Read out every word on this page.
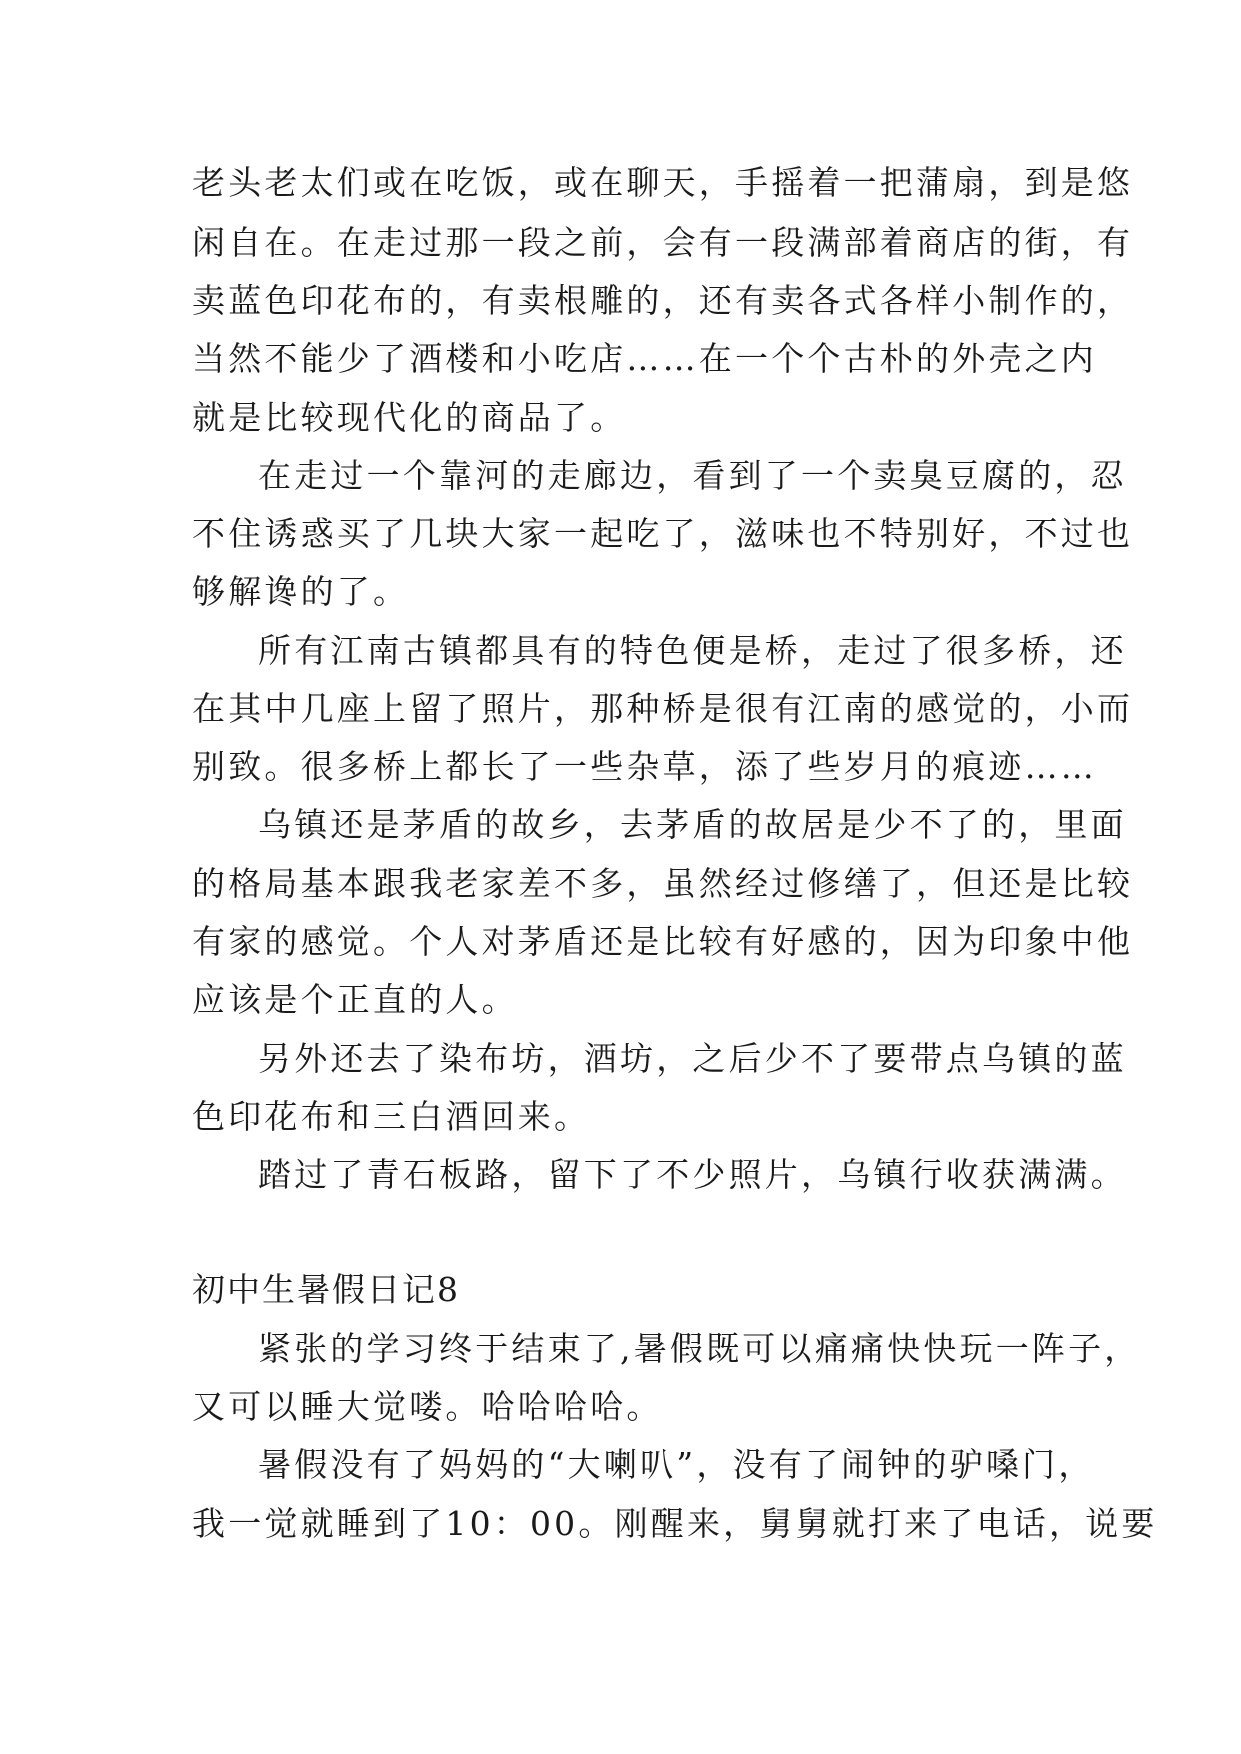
老头老太们或在吃饭，或在聊天，手摇着一把蒲扇，到是悠
闲自在。在走过那一段之前，会有一段满部着商店的街，有
卖蓝色印花布的，有卖根雕的，还有卖各式各样小制作的，
当然不能少了酒楼和小吃店……在一个个古朴的外壳之内
就是比较现代化的商品了。
在走过一个靠河的走廊边，看到了一个卖臭豆腐的，忍
不住诱惑买了几块大家一起吃了，滋味也不特别好，不过也
够解谗的了。
所有江南古镇都具有的特色便是桥，走过了很多桥，还
在其中几座上留了照片，那种桥是很有江南的感觉的，小而
别致。很多桥上都长了一些杂草，添了些岁月的痕迹……
乌镇还是茅盾的故乡，去茅盾的故居是少不了的，里面
的格局基本跟我老家差不多，虽然经过修缮了，但还是比较
有家的感觉。个人对茅盾还是比较有好感的，因为印象中他
应该是个正直的人。
另外还去了染布坊，酒坊，之后少不了要带点乌镇的蓝
色印花布和三白酒回来。
踏过了青石板路，留下了不少照片，乌镇行收获满满。
初中生暑假日记8
紧张的学习终于结束了,暑假既可以痛痛快快玩一阵子，
又可以睡大觉喽。哈哈哈哈。
暑假没有了妈妈的“大喇叭”，没有了闹钟的驴嗓门，
我一觉就睡到了10：00。刚醒来，舅舅就打来了电话，说要
